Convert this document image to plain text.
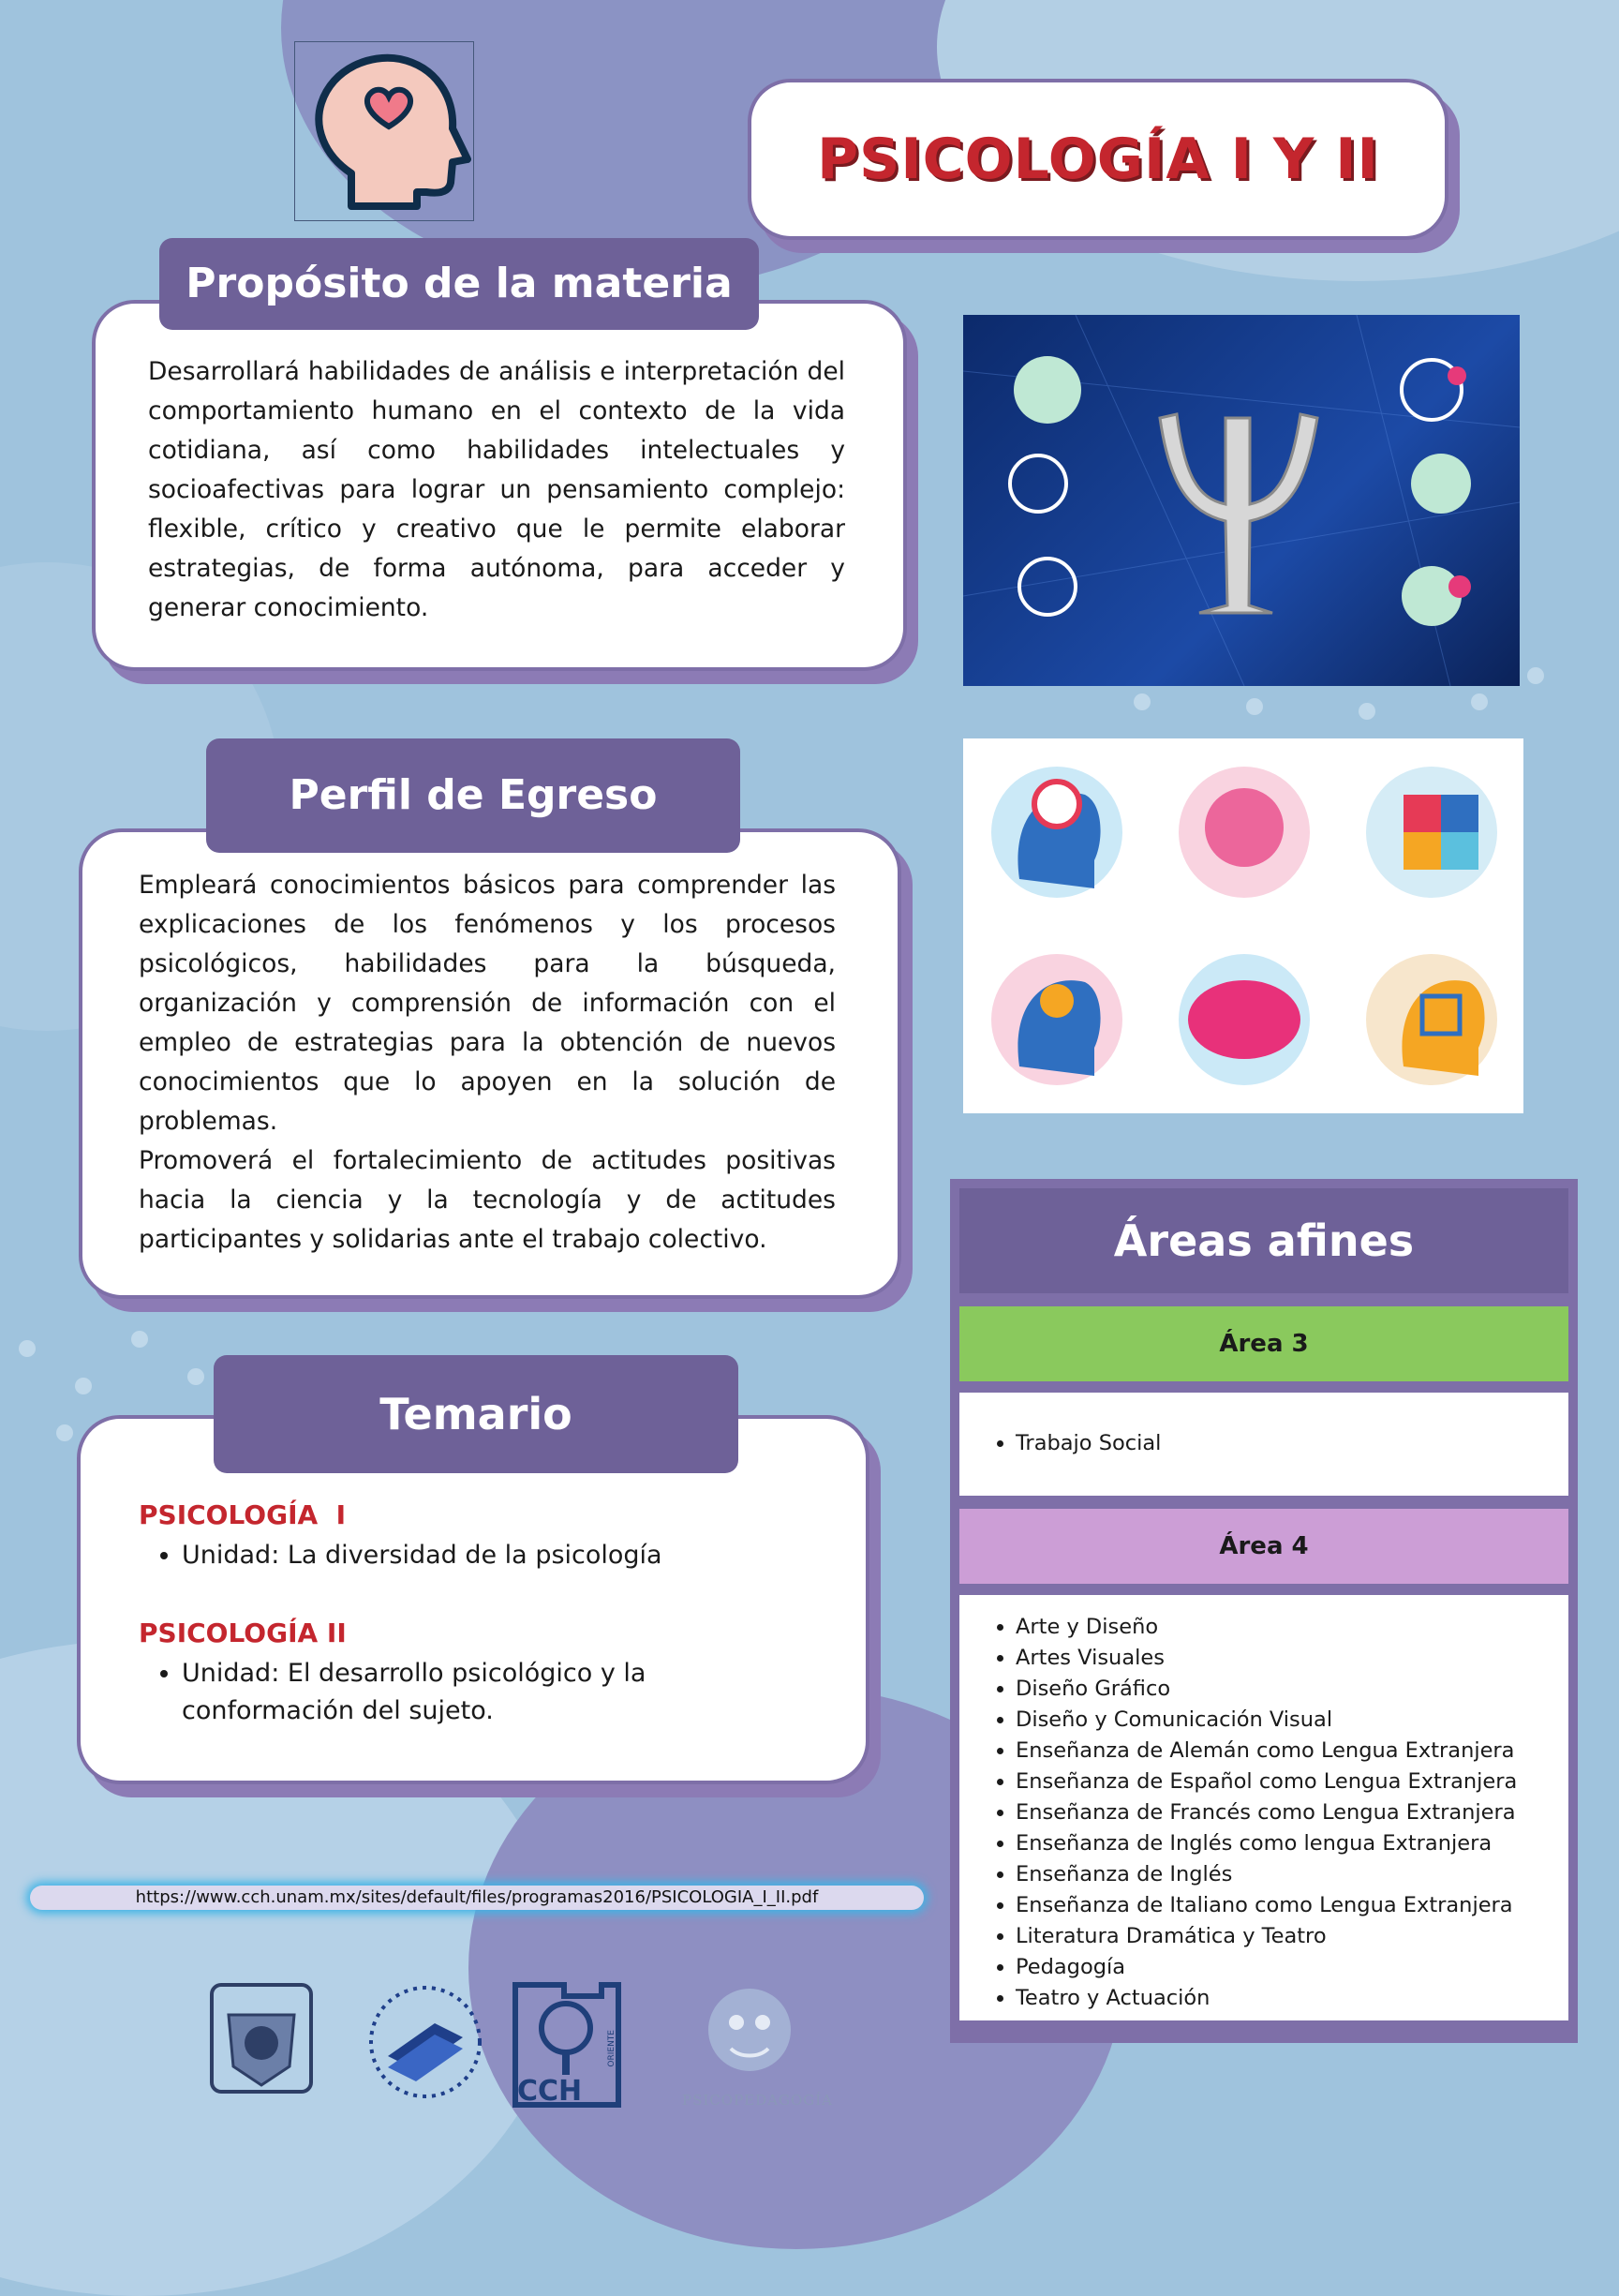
PSICOLOGÍA I Y II
Propósito de la materia
Desarrollará habilidades de análisis e interpretación del comportamiento humano en el contexto de la vida cotidiana, así como habilidades intelectuales y socioafectivas para lograr un pensamiento complejo: flexible, crítico y creativo que le permite elaborar estrategias, de forma autónoma, para acceder y generar conocimiento.
Perfil de Egreso

Empleará conocimientos básicos para comprender las explicaciones de los fenómenos y los procesos psicológicos, habilidades para la búsqueda, organización y comprensión de información con el empleo de estrategias para la obtención de nuevos conocimientos que lo apoyen en la solución de problemas.

Promoverá el fortalecimiento de actitudes positivas hacia la ciencia y la tecnología y de actitudes participantes y solidarias ante el trabajo colectivo.

Temario
PSICOLOGÍA  I
• Unidad: La diversidad de la psicología
PSICOLOGÍA II
• Unidad: El desarrollo psicológico y la conformación del sujeto.
Áreas afines
Área 3
• Trabajo Social
Área 4
• Arte y Diseño
• Artes Visuales
• Diseño Gráfico
• Diseño y Comunicación Visual
• Enseñanza de Alemán como Lengua Extranjera
• Enseñanza de Español como Lengua Extranjera
• Enseñanza de Francés como Lengua Extranjera
• Enseñanza de Inglés como lengua Extranjera
• Enseñanza de Inglés
• Enseñanza de Italiano como Lengua Extranjera
• Literatura Dramática y Teatro
• Pedagogía
• Teatro y Actuación
https://www.cch.unam.mx/sites/default/files/programas2016/PSICOLOGIA_I_II.pdf
CCH
ORIENTE
PSICOPEDAGOGÍA
